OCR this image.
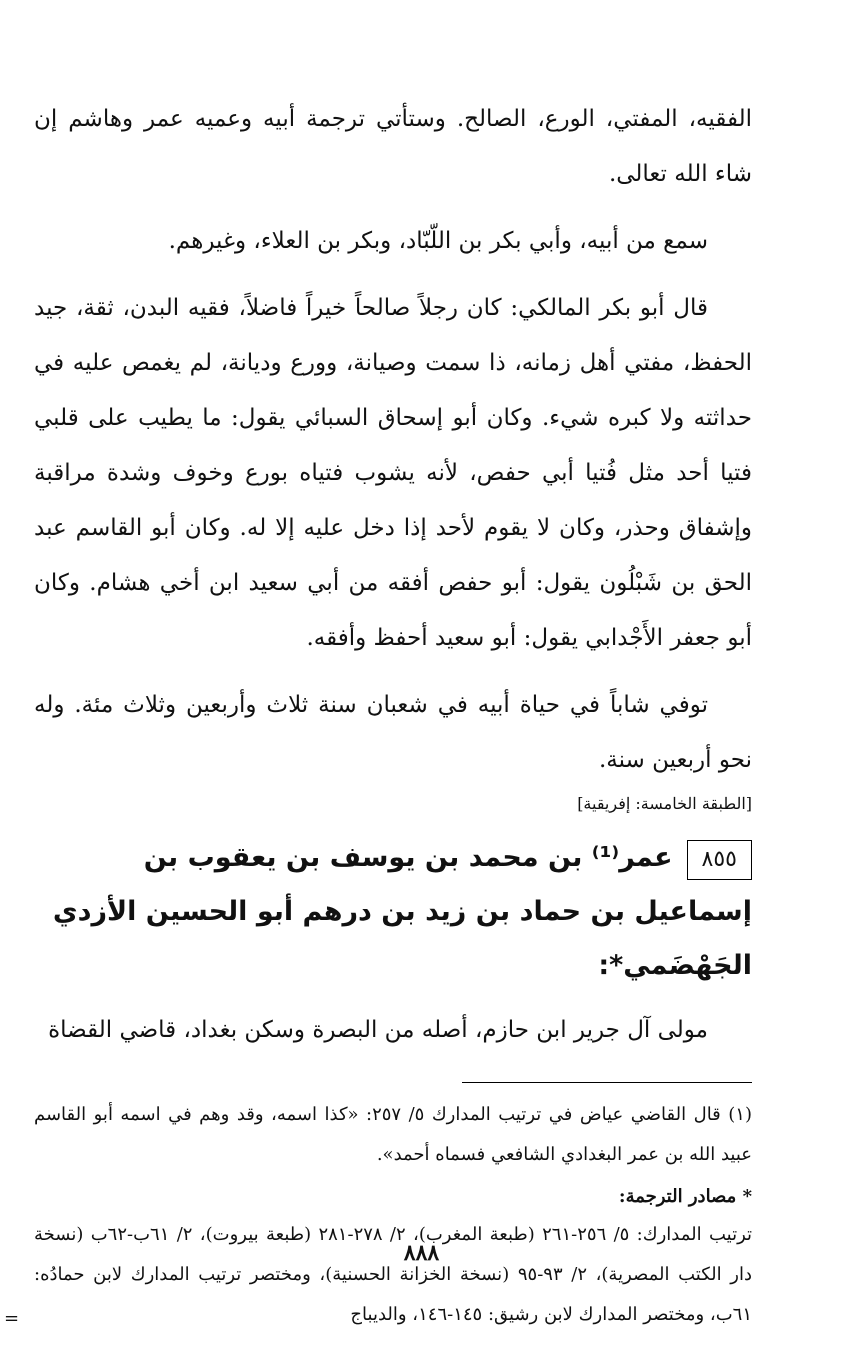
الفقيه، المفتي، الورع، الصالح. وستأتي ترجمة أبيه وعميه عمر وهاشم إن شاء الله تعالى.

سمع من أبيه، وأبي بكر بن اللّبّاد، وبكر بن العلاء، وغيرهم.

قال أبو بكر المالكي: كان رجلاً صالحاً خيراً فاضلاً، فقيه البدن، ثقة، جيد الحفظ، مفتي أهل زمانه، ذا سمت وصيانة، وورع وديانة، لم يغمص عليه في حداثته ولا كبره شيء. وكان أبو إسحاق السبائي يقول: ما يطيب على قلبي فتيا أحد مثل فُتيا أبي حفص، لأنه يشوب فتياه بورع وخوف وشدة مراقبة وإشفاق وحذر، وكان لا يقوم لأحد إذا دخل عليه إلا له. وكان أبو القاسم عبد الحق بن شَبْلُون يقول: أبو حفص أفقه من أبي سعيد ابن أخي هشام. وكان أبو جعفر الأَجْدابي يقول: أبو سعيد أحفظ وأفقه.

توفي شاباً في حياة أبيه في شعبان سنة ثلاث وأربعين وثلاث مئة. وله نحو أربعين سنة.

[الطبقة الخامسة: إفريقية]
٨٥٥عمر⁽¹⁾ بن محمد بن يوسف بن يعقوب بن إسماعيل بن حماد بن زيد بن درهم أبو الحسين الأزدي الجَهْضَمي*:

مولى آل جرير ابن حازم، أصله من البصرة وسكن بغداد، قاضي القضاة

(١) قال القاضي عياض في ترتيب المدارك ٥/ ٢٥٧: «كذا اسمه، وقد وهم في اسمه أبو القاسم عبيد الله بن عمر البغدادي الشافعي فسماه أحمد».

* مصادر الترجمة:

ترتيب المدارك: ٥/ ٢٥٦-٢٦١ (طبعة المغرب)، ٢/ ٢٧٨-٢٨١ (طبعة بيروت)، ٢/ ٦١ب-٦٢ب (نسخة دار الكتب المصرية)، ٢/ ٩٣-٩٥ (نسخة الخزانة الحسنية)، ومختصر ترتيب المدارك لابن حمادُه: ٦١ب، ومختصر المدارك لابن رشيق: ١٤٥-١٤٦، والديباج

=
٨٨٨
